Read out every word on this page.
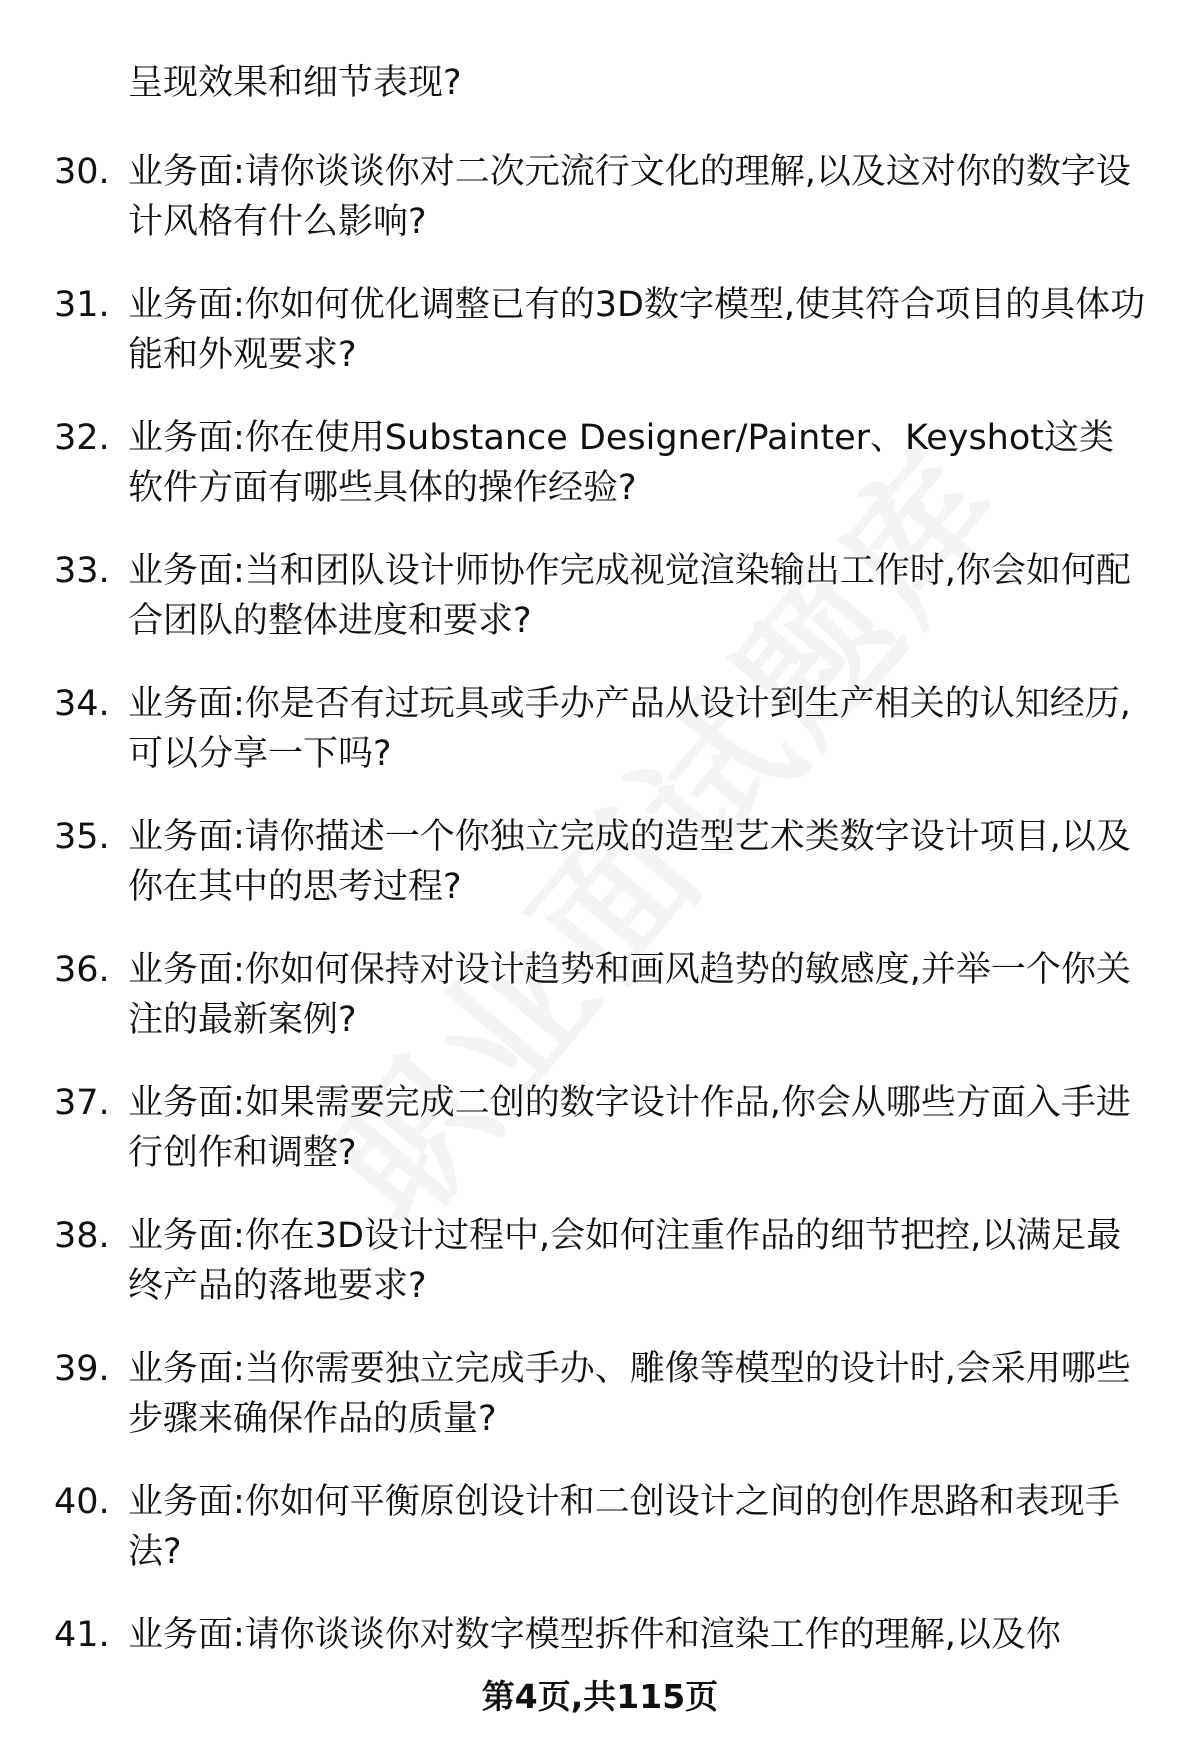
呈现效果和细节表现?
30. 业务面:请你谈谈你对二次元流行文化的理解,以及这对你的数字设计风格有什么影响?
31. 业务面:你如何优化调整已有的3D数字模型,使其符合项目的具体功能和外观要求?
32. 业务面:你在使用Substance Designer/Painter、Keyshot这类软件方面有哪些具体的操作经验?
33. 业务面:当和团队设计师协作完成视觉渲染输出工作时,你会如何配合团队的整体进度和要求?
34. 业务面:你是否有过玩具或手办产品从设计到生产相关的认知经历,可以分享一下吗?
35. 业务面:请你描述一个你独立完成的造型艺术类数字设计项目,以及你在其中的思考过程?
36. 业务面:你如何保持对设计趋势和画风趋势的敏感度,并举一个你关注的最新案例?
37. 业务面:如果需要完成二创的数字设计作品,你会从哪些方面入手进行创作和调整?
38. 业务面:你在3D设计过程中,会如何注重作品的细节把控,以满足最终产品的落地要求?
39. 业务面:当你需要独立完成手办、雕像等模型的设计时,会采用哪些步骤来确保作品的质量?
40. 业务面:你如何平衡原创设计和二创设计之间的创作思路和表现手法?
41. 业务面:请你谈谈你对数字模型拆件和渲染工作的理解,以及你
第4页,共115页
